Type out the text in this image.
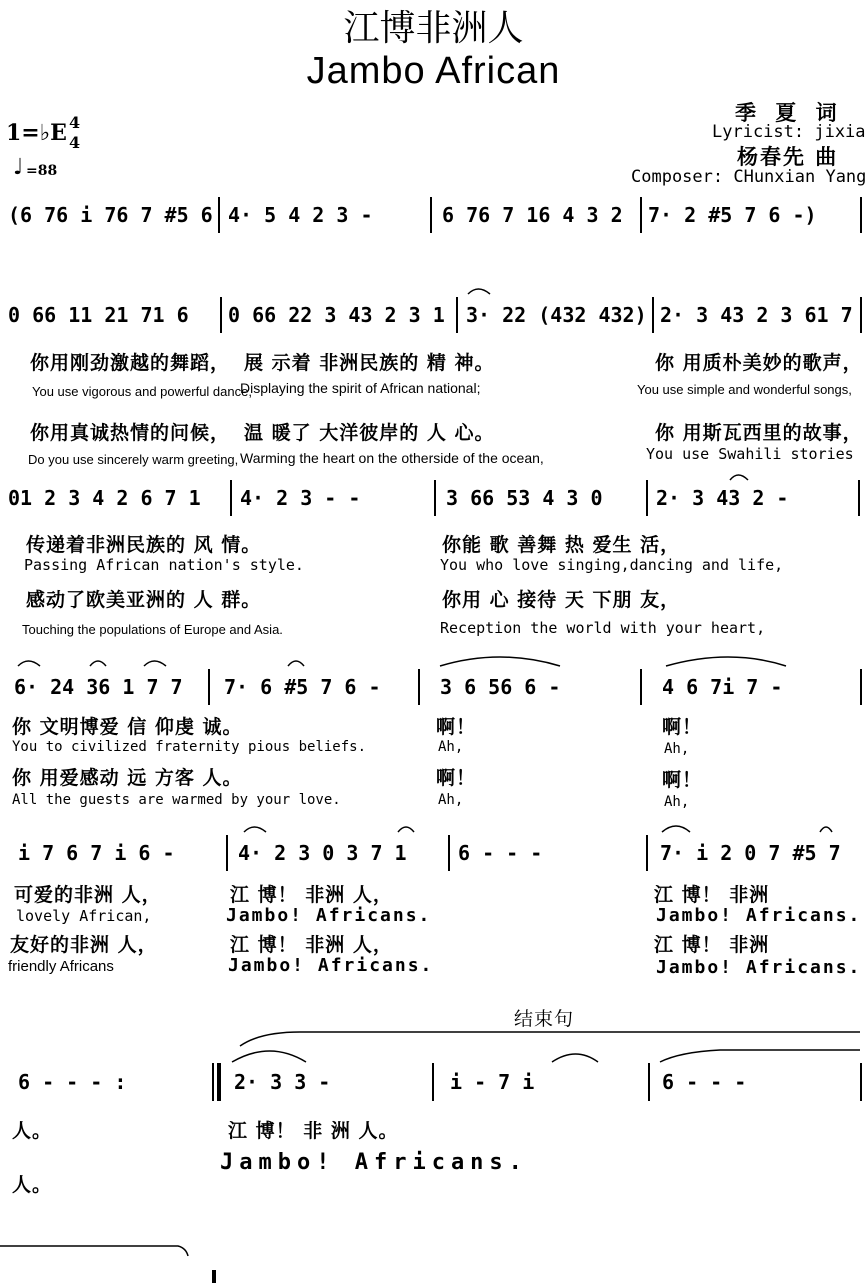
江博非洲人
Jambo African
季 夏 词
Lyricist: jixia
杨春先 曲
Composer: CHunxian Yang
1=♭E 4
4
♩ =88
(6 76 i 76 7 #5 6 4· 5 4 2 3 -	6 76 7 16 4 3 2 7· 2 #5 7 6 -)
0 66 11 21 71 6 0 66 22 3 43 2 3 1 3· 22 (432 432) 2· 3 43 2 3 61 7
你用刚劲激越的舞蹈， 展 示着 非洲民族的 精 神。	你 用质朴美妙的歌声，
You use vigorous and powerful dance,
Displaying the spirit of African national;	You use simple and wonderful songs,
你用真诚热情的问候， 温 暖了 大洋彼岸的 人 心。	你 用斯瓦西里的故事，
Do you use sincerely warm greeting, Warming the heart on the otherside of the ocean,	You use Swahili stories
01 2 3 4 2 6 7 1 4· 2 3 - -	3 66 53 4 3 0	2· 3 43 2 -
传递着非洲民族的 风 情。	你能 歌 善舞 热 爱生 活，
Passing African nation's style.	You who love singing,dancing and life,
感动了欧美亚洲的 人 群。	你用 心 接待 天 下朋 友，
Touching the populations of Europe and Asia.	Reception the world with your heart,
6· 24 36 1 7 7 7· 6 #5 7 6 -	3 6 56 6 -	4 6 7i 7 -
你 文明博爱 信 仰虔 诚。	啊！	啊！
You to civilized fraternity pious beliefs.	Ah,	Ah,
你 用爱感动 远 方客 人。	啊！	啊！
All the guests are warmed by your love.	Ah,	Ah,
i 7 6 7 i 6 -	4· 2 3 0 3 7 1	6 - - -	7· i 2 0 7 #5 7
可爱的非洲 人，	江 博！ 非洲 人，	江 博！ 非洲
lovely African,	Jambo! Africans.	Jambo! Africans.
友好的非洲 人，	江 博！ 非洲 人，	江 博！ 非洲
friendly Africans	Jambo! Africans.	Jambo! Africans.
结束句
6 - - - :	2· 3 3 -	i - 7 i	6 - - -
人。	江 博！ 非 洲 人。
Jambo! Africans.
人。
